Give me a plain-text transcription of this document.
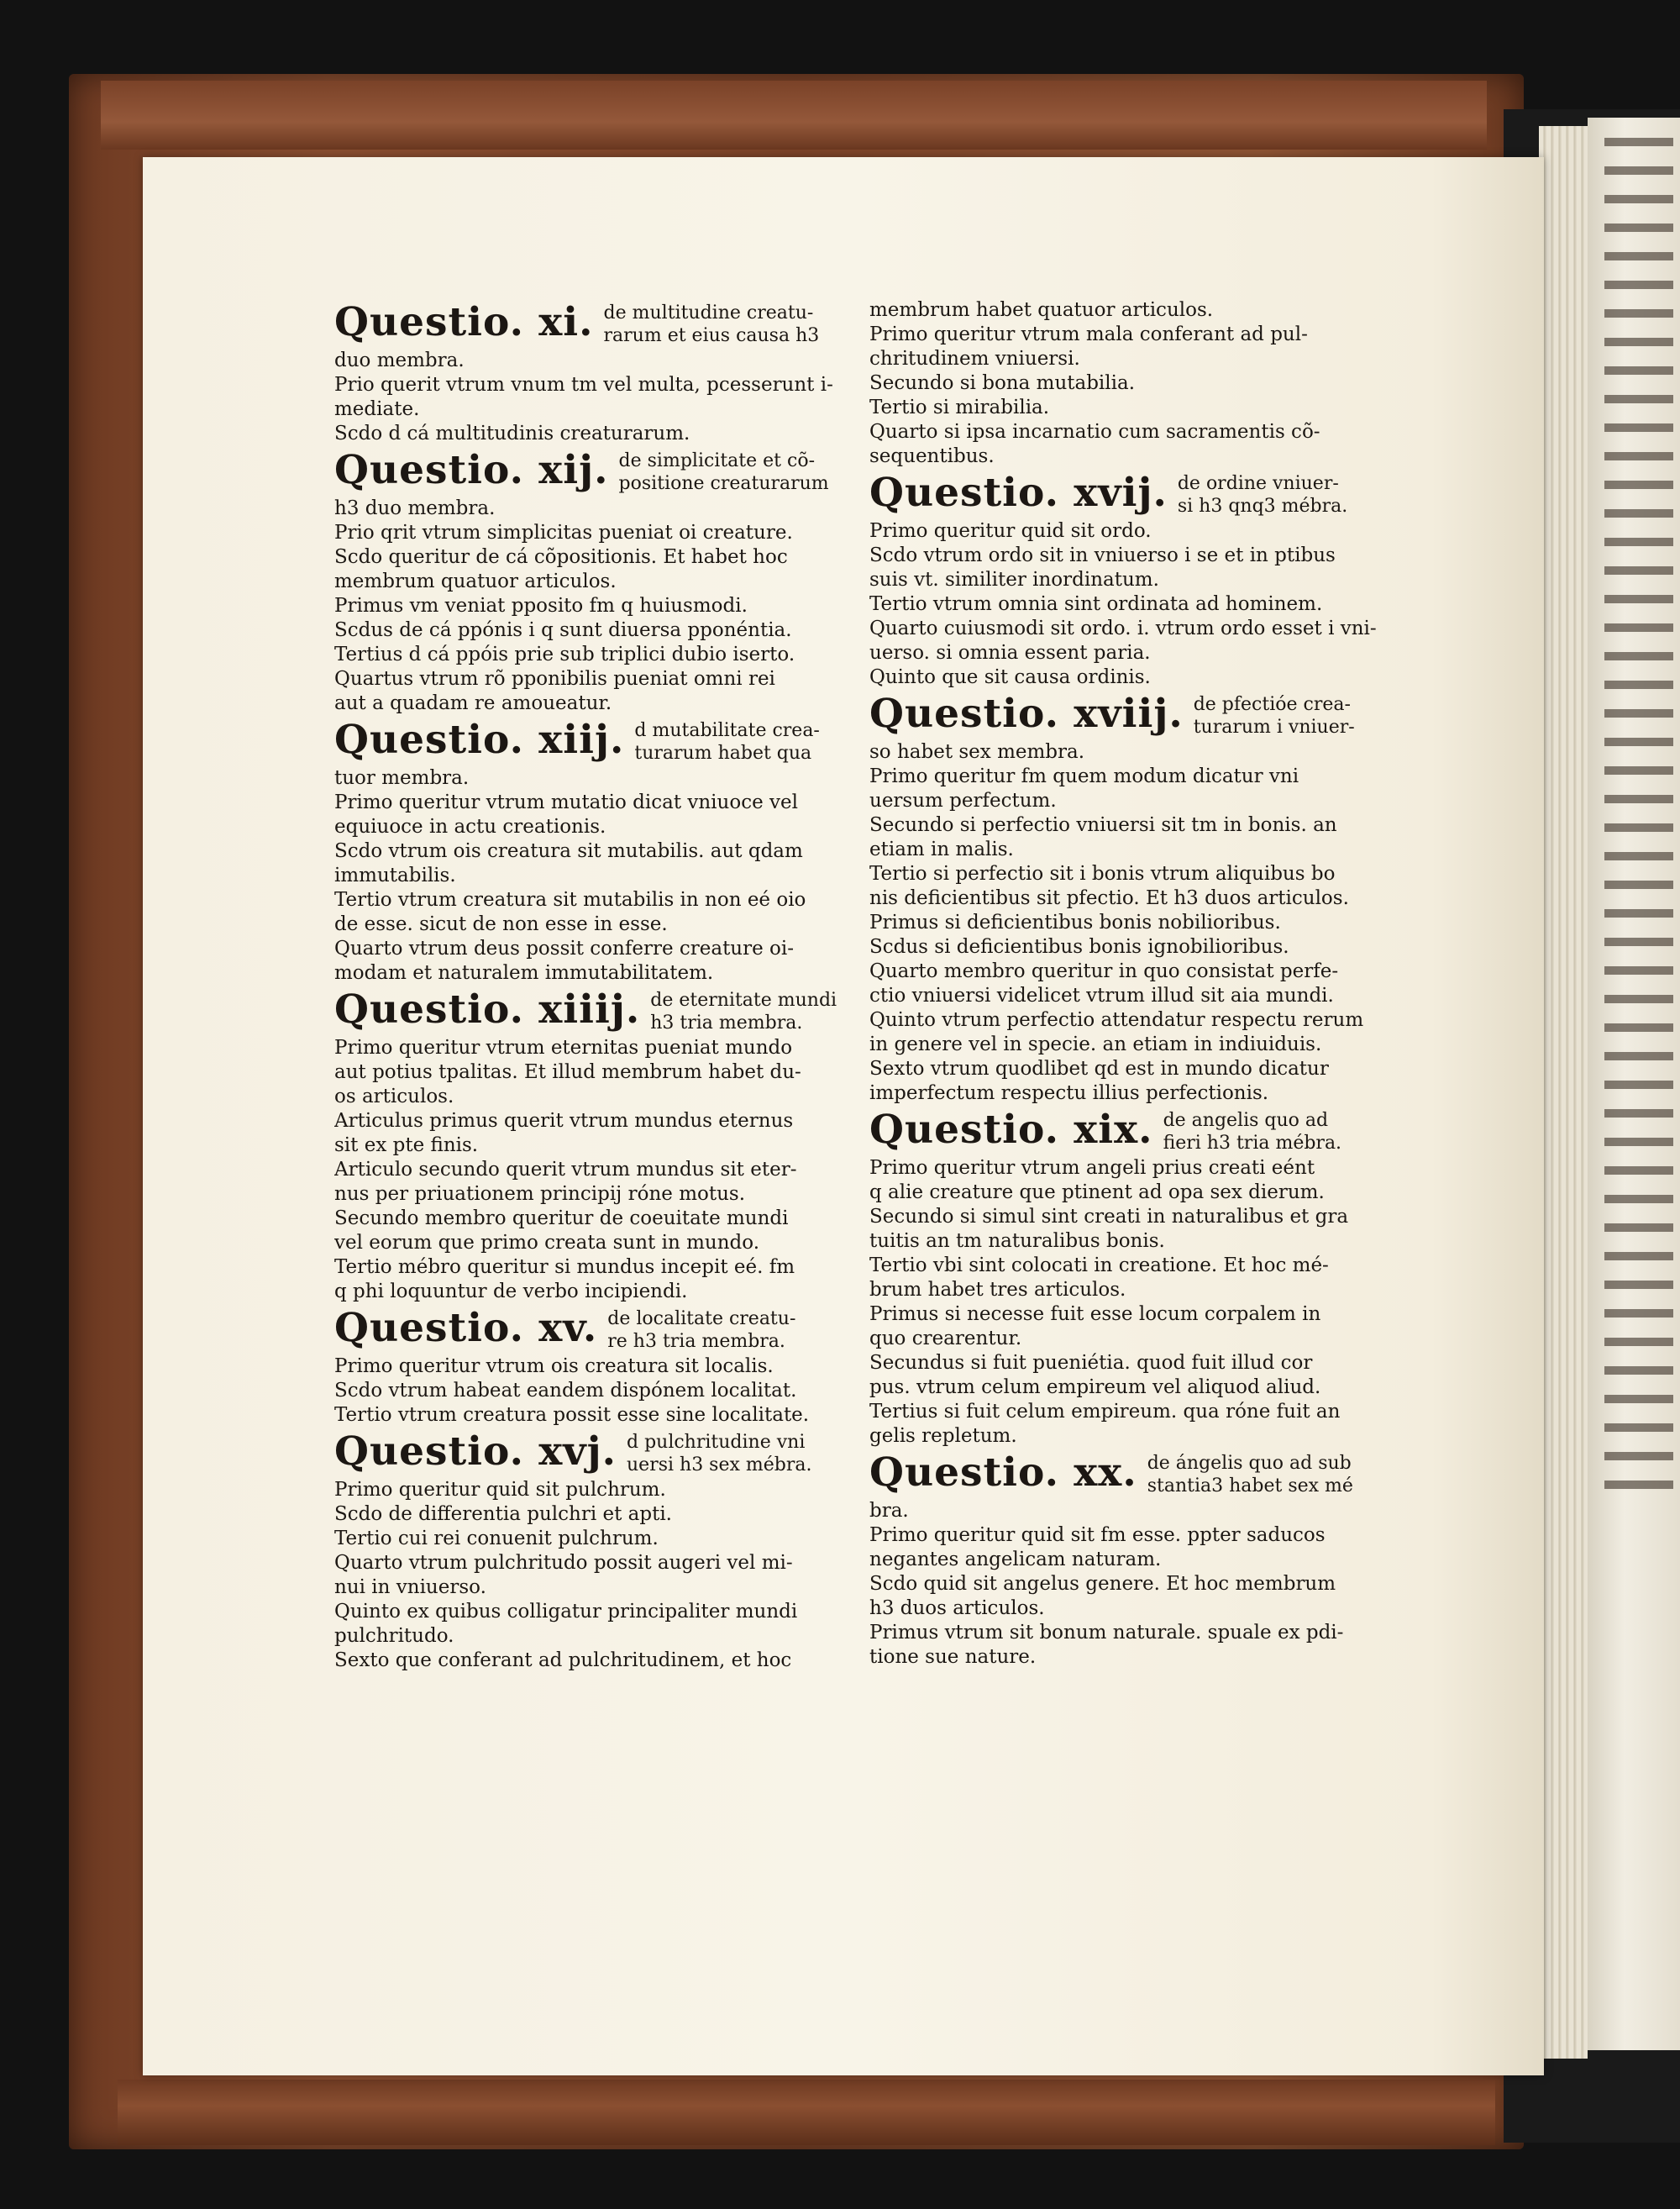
Questio. xi. de multitudine creatu-
rarum et eius causa h3
duo membra.
Prio querit vtrum vnum tm vel multa, pcesserunt i-
mediate.
Scdo d cá multitudinis creaturarum.
Questio. xij. de simplicitate et cõ-
positione creaturarum
h3 duo membra.
Prio qrit vtrum simplicitas pueniat oi creature.
Scdo queritur de cá cõpositionis. Et habet hoc
membrum quatuor articulos.
Primus vm veniat pposito fm q huiusmodi.
Scdus de cá ppónis i q sunt diuersa pponéntia.
Tertius d cá ppóis prie sub triplici dubio iserto.
Quartus vtrum rõ pponibilis pueniat omni rei
aut a quadam re amoueatur.
Questio. xiij. d mutabilitate crea-
turarum habet qua
tuor membra.
Primo queritur vtrum mutatio dicat vniuoce vel
equiuoce in actu creationis.
Scdo vtrum ois creatura sit mutabilis. aut qdam
immutabilis.
Tertio vtrum creatura sit mutabilis in non eé oio
de esse. sicut de non esse in esse.
Quarto vtrum deus possit conferre creature oi-
modam et naturalem immutabilitatem.
Questio. xiiij. de eternitate mundi
h3 tria membra.
Primo queritur vtrum eternitas pueniat mundo
aut potius tpalitas. Et illud membrum habet du-
os articulos.
Articulus primus querit vtrum mundus eternus
sit ex pte finis.
Articulo secundo querit vtrum mundus sit eter-
nus per priuationem principij róne motus.
Secundo membro queritur de coeuitate mundi
vel eorum que primo creata sunt in mundo.
Tertio mébro queritur si mundus incepit eé. fm
q phi loquuntur de verbo incipiendi.
Questio. xv. de localitate creatu-
re h3 tria membra.
Primo queritur vtrum ois creatura sit localis.
Scdo vtrum habeat eandem dispónem localitat.
Tertio vtrum creatura possit esse sine localitate.
Questio. xvj. d pulchritudine vni
uersi h3 sex mébra.
Primo queritur quid sit pulchrum.
Scdo de differentia pulchri et apti.
Tertio cui rei conuenit pulchrum.
Quarto vtrum pulchritudo possit augeri vel mi-
nui in vniuerso.
Quinto ex quibus colligatur principaliter mundi
pulchritudo.
Sexto que conferant ad pulchritudinem, et hoc
membrum habet quatuor articulos.
Primo queritur vtrum mala conferant ad pul-
chritudinem vniuersi.
Secundo si bona mutabilia.
Tertio si mirabilia.
Quarto si ipsa incarnatio cum sacramentis cõ-
sequentibus.
Questio. xvij. de ordine vniuer-
si h3 qnq3 mébra.
Primo queritur quid sit ordo.
Scdo vtrum ordo sit in vniuerso i se et in ptibus
suis vt. similiter inordinatum.
Tertio vtrum omnia sint ordinata ad hominem.
Quarto cuiusmodi sit ordo. i. vtrum ordo esset i vni-
uerso. si omnia essent paria.
Quinto que sit causa ordinis.
Questio. xviij. de pfectióe crea-
turarum i vniuer-
so habet sex membra.
Primo queritur fm quem modum dicatur vni
uersum perfectum.
Secundo si perfectio vniuersi sit tm in bonis. an
etiam in malis.
Tertio si perfectio sit i bonis vtrum aliquibus bo
nis deficientibus sit pfectio. Et h3 duos articulos.
Primus si deficientibus bonis nobilioribus.
Scdus si deficientibus bonis ignobilioribus.
Quarto membro queritur in quo consistat perfe-
ctio vniuersi videlicet vtrum illud sit aia mundi.
Quinto vtrum perfectio attendatur respectu rerum
in genere vel in specie. an etiam in indiuiduis.
Sexto vtrum quodlibet qd est in mundo dicatur
imperfectum respectu illius perfectionis.
Questio. xix. de angelis quo ad
fieri h3 tria mébra.
Primo queritur vtrum angeli prius creati eént
q alie creature que ptinent ad opa sex dierum.
Secundo si simul sint creati in naturalibus et gra
tuitis an tm naturalibus bonis.
Tertio vbi sint colocati in creatione. Et hoc mé-
brum habet tres articulos.
Primus si necesse fuit esse locum corpalem in
quo crearentur.
Secundus si fuit pueniétia. quod fuit illud cor
pus. vtrum celum empireum vel aliquod aliud.
Tertius si fuit celum empireum. qua róne fuit an
gelis repletum.
Questio. xx. de ángelis quo ad sub
stantia3 habet sex mé
bra.
Primo queritur quid sit fm esse. ppter saducos
negantes angelicam naturam.
Scdo quid sit angelus genere. Et hoc membrum
h3 duos articulos.
Primus vtrum sit bonum naturale. spuale ex pdi-
tione sue nature.
